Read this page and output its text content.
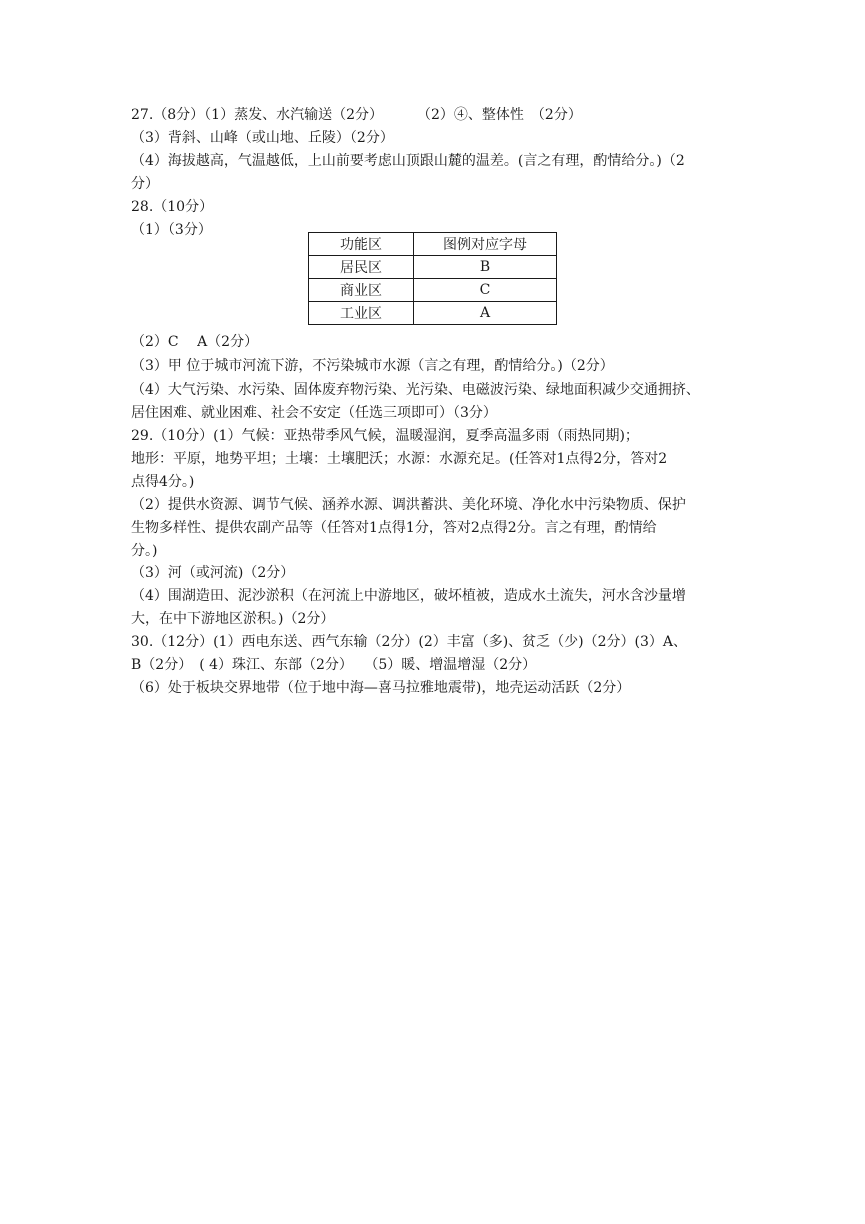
27.（8分）（1）蒸发、水汽输送（2分） （2）④、整体性　（2分）
（3）背斜、山峰（或山地、丘陵）（2分）
（4）海拔越高，气温越低，上山前要考虑山顶跟山麓的温差。(言之有理，酌情给分。)（2
分）
28.（10分）
（1）（3分）
功能区	图例对应字母
居民区	B
商业区	C
工业区	A
（2）C　 A（2分）
（3）甲 位于城市河流下游，不污染城市水源（言之有理，酌情给分。)（2分）
（4）大气污染、水污染、固体废弃物污染、光污染、电磁波污染、绿地面积减少交通拥挤、
居住困难、就业困难、社会不安定（任选三项即可）（3分）
29.（10分）(1）气候：亚热带季风气候，温暖湿润，夏季高温多雨（雨热同期)；
地形：平原，地势平坦；土壤：土壤肥沃；水源：水源充足。(任答对1点得2分，答对2
点得4分。)
（2）提供水资源、调节气候、涵养水源、调洪蓄洪、美化环境、净化水中污染物质、保护
生物多样性、提供农副产品等（任答对1点得1分，答对2点得2分。言之有理，酌情给
分。)
（3）河（或河流)（2分）
（4）围湖造田、泥沙淤积（在河流上中游地区，破坏植被，造成水土流失，河水含沙量增
大，在中下游地区淤积。)（2分）
30.（12分）(1）西电东送、西气东输（2分）(2）丰富（多)、贫乏（少)（2分）(3）A、
B（2分）　( 4）珠江、东部（2分）　 （5）暖、增温增湿（2分）
（6）处于板块交界地带（位于地中海—喜马拉雅地震带)，地壳运动活跃（2分）
